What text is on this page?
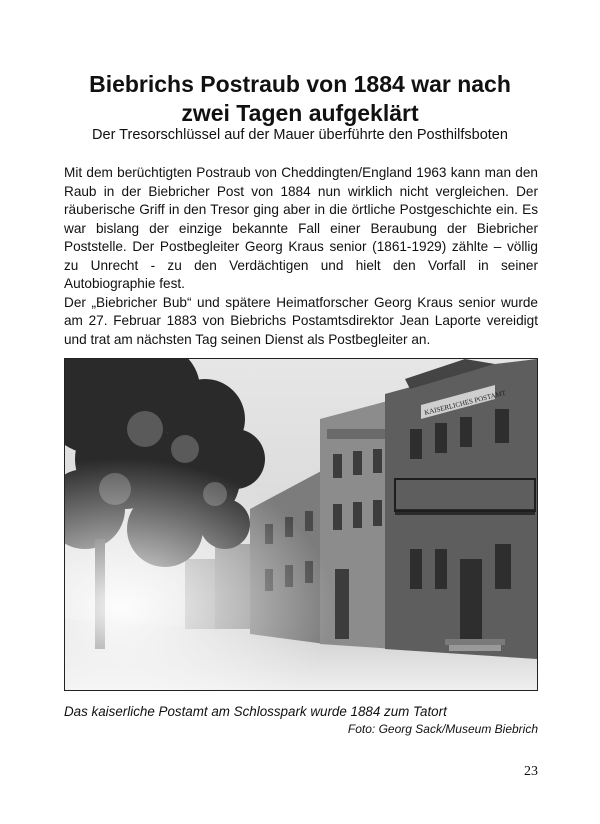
Biebrichs Postraub von 1884 war nach
zwei Tagen aufgeklärt

Der Tresorschlüssel auf der Mauer überführte den Posthilfsboten

Mit dem berüchtigten Postraub von Cheddingten/England 1963 kann man den Raub in der Biebricher Post von 1884 nun wirklich nicht vergleichen. Der räuberische Griff in den Tresor ging aber in die örtliche Postgeschichte ein. Es war bislang der einzige bekannte Fall einer Beraubung der Biebricher Poststelle. Der Postbegleiter Georg Kraus senior (1861-1929) zählte – völlig zu Unrecht - zu den Verdächtigen und hielt den Vorfall in seiner Autobiographie fest.

Der „Biebricher Bub“ und spätere Heimatforscher Georg Kraus senior wurde am 27. Februar 1883 von Biebrichs Postamtsdirektor Jean Laporte vereidigt und trat am nächsten Tag seinen Dienst als Postbegleiter an.

Das kaiserliche Postamt am Schlosspark wurde 1884 zum Tatort

Foto: Georg Sack/Museum Biebrich

23
